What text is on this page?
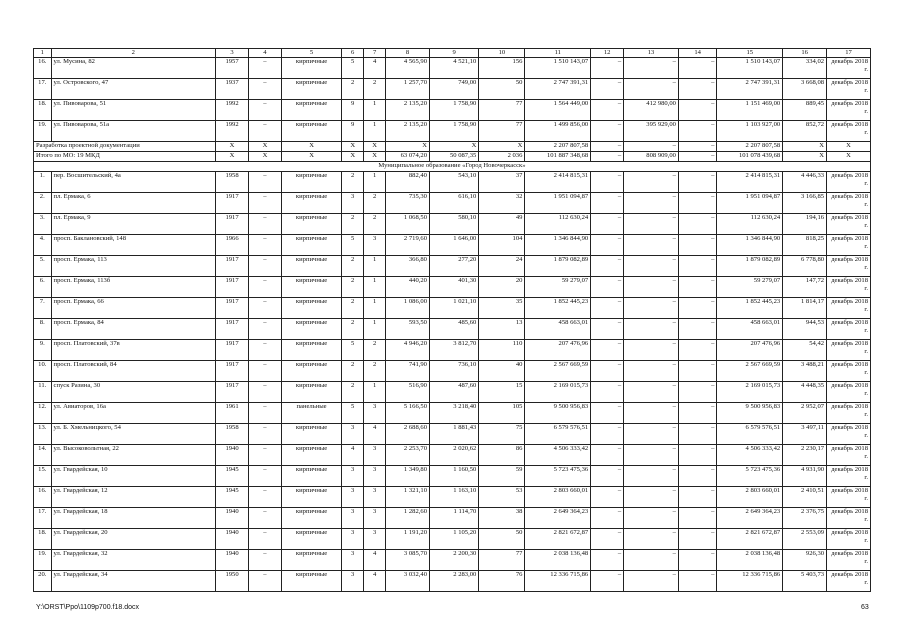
1	2	3	4	5	6	7	8	9	10	11	12	13	14	15	16	17
16.	ул. Мусина, 82	1957	–	кирпичные	5	4	4 565,90	4 521,10	156	1 510 143,07	–	–	–	1 510 143,07	334,02	декабрь 2018 г.
17.	ул. Островского, 47	1937	–	кирпичные	2	2	1 257,70	749,00	50	2 747 391,31	–	–	–	2 747 391,31	3 668,08	декабрь 2018 г.
18.	ул. Пивоварова, 51	1992	–	кирпичные	9	1	2 135,20	1 758,90	77	1 564 449,00	–	412 980,00	–	1 151 469,00	889,45	декабрь 2018 г.
19.	ул. Пивоварова, 51а	1992	–	кирпичные	9	1	2 135,20	1 758,90	77	1 499 856,00	–	395 929,00	–	1 103 927,00	852,72	декабрь 2018 г.
Разработка проектной документации		X	X	X	X	X	X	X	X	2 207 807,58	–	–	–	2 207 807,58	X	X
Итого по МО: 19 МКД		X	X	X	X	X	63 074,20	50 087,35	2 036	101 887 348,68	–	808 909,00	–	101 078 439,68	X	X
Муниципальное образование «Город Новочеркасск»																
1.	пер. Восшительский, 4а	1958	–	кирпичные	2	1	882,40	543,10	37	2 414 815,31	–	–	–	2 414 815,31	4 446,33	декабрь 2018 г.
2.	пл. Ермака, 6	1917	–	кирпичные	3	2	735,30	616,10	32	1 951 094,87	–	–	–	1 951 094,87	3 166,85	декабрь 2018 г.
3.	пл. Ермака, 9	1917	–	кирпичные	2	2	1 068,50	580,10	49	112 630,24	–	–	–	112 630,24	194,16	декабрь 2018 г.
4.	просп. Баклановский, 148	1966	–	кирпичные	5	3	2 719,60	1 646,00	104	1 346 844,90	–	–	–	1 346 844,90	818,25	декабрь 2018 г.
5.	просп. Ермака, 113	1917	–	кирпичные	2	1	366,80	277,20	24	1 879 082,89	–	–	–	1 879 082,89	6 778,80	декабрь 2018 г.
6.	просп. Ермака, 113б	1917	–	кирпичные	2	1	440,20	401,30	20	59 279,07	–	–	–	59 279,07	147,72	декабрь 2018 г.
7.	просп. Ермака, 66	1917	–	кирпичные	2	1	1 086,00	1 021,10	35	1 852 445,23	–	–	–	1 852 445,23	1 814,17	декабрь 2018 г.
8.	просп. Ермака, 84	1917	–	кирпичные	2	1	593,50	485,60	13	458 663,01	–	–	–	458 663,01	944,53	декабрь 2018 г.
9.	просп. Платовский, 37в	1917	–	кирпичные	5	2	4 946,20	3 812,70	110	207 476,96	–	–	–	207 476,96	54,42	декабрь 2018 г.
10.	просп. Платовский, 84	1917	–	кирпичные	2	2	741,90	736,10	40	2 567 669,59	–	–	–	2 567 669,59	3 488,21	декабрь 2018 г.
11.	спуск Разина, 30	1917	–	кирпичные	2	1	516,90	487,60	15	2 169 015,73	–	–	–	2 169 015,73	4 448,35	декабрь 2018 г.
12.	ул. Авиаторов, 16а	1961	–	панельные	5	3	5 166,50	3 218,40	105	9 500 956,83	–	–	–	9 500 956,83	2 952,07	декабрь 2018 г.
13.	ул. Б. Хмельницкого, 54	1958	–	кирпичные	3	4	2 688,60	1 881,43	75	6 579 576,51	–	–	–	6 579 576,51	3 497,11	декабрь 2018 г.
14.	ул. Высоковольтная, 22	1940	–	кирпичные	4	3	2 253,70	2 020,62	86	4 506 333,42	–	–	–	4 506 333,42	2 230,17	декабрь 2018 г.
15.	ул. Гвардейская, 10	1945	–	кирпичные	3	3	1 349,80	1 160,50	59	5 723 475,36	–	–	–	5 723 475,36	4 931,90	декабрь 2018 г.
16.	ул. Гвардейская, 12	1945	–	кирпичные	3	3	1 321,10	1 163,10	53	2 803 660,01	–	–	–	2 803 660,01	2 410,51	декабрь 2018 г.
17.	ул. Гвардейская, 18	1940	–	кирпичные	3	3	1 282,60	1 114,70	38	2 649 364,23	–	–	–	2 649 364,23	2 376,75	декабрь 2018 г.
18.	ул. Гвардейская, 20	1940	–	кирпичные	3	3	1 191,20	1 105,20	50	2 821 672,87	–	–	–	2 821 672,87	2 553,09	декабрь 2018 г.
19.	ул. Гвардейская, 32	1940	–	кирпичные	3	4	3 085,70	2 200,30	77	2 038 136,48	–	–	–	2 038 136,48	926,30	декабрь 2018 г.
20.	ул. Гвардейская, 34	1950	–	кирпичные	3	4	3 032,40	2 283,00	76	12 336 715,86	–	–	–	12 336 715,86	5 403,73	декабрь 2018 г.
Y:\ORST\Ppo\1109p700.f18.docx	63
